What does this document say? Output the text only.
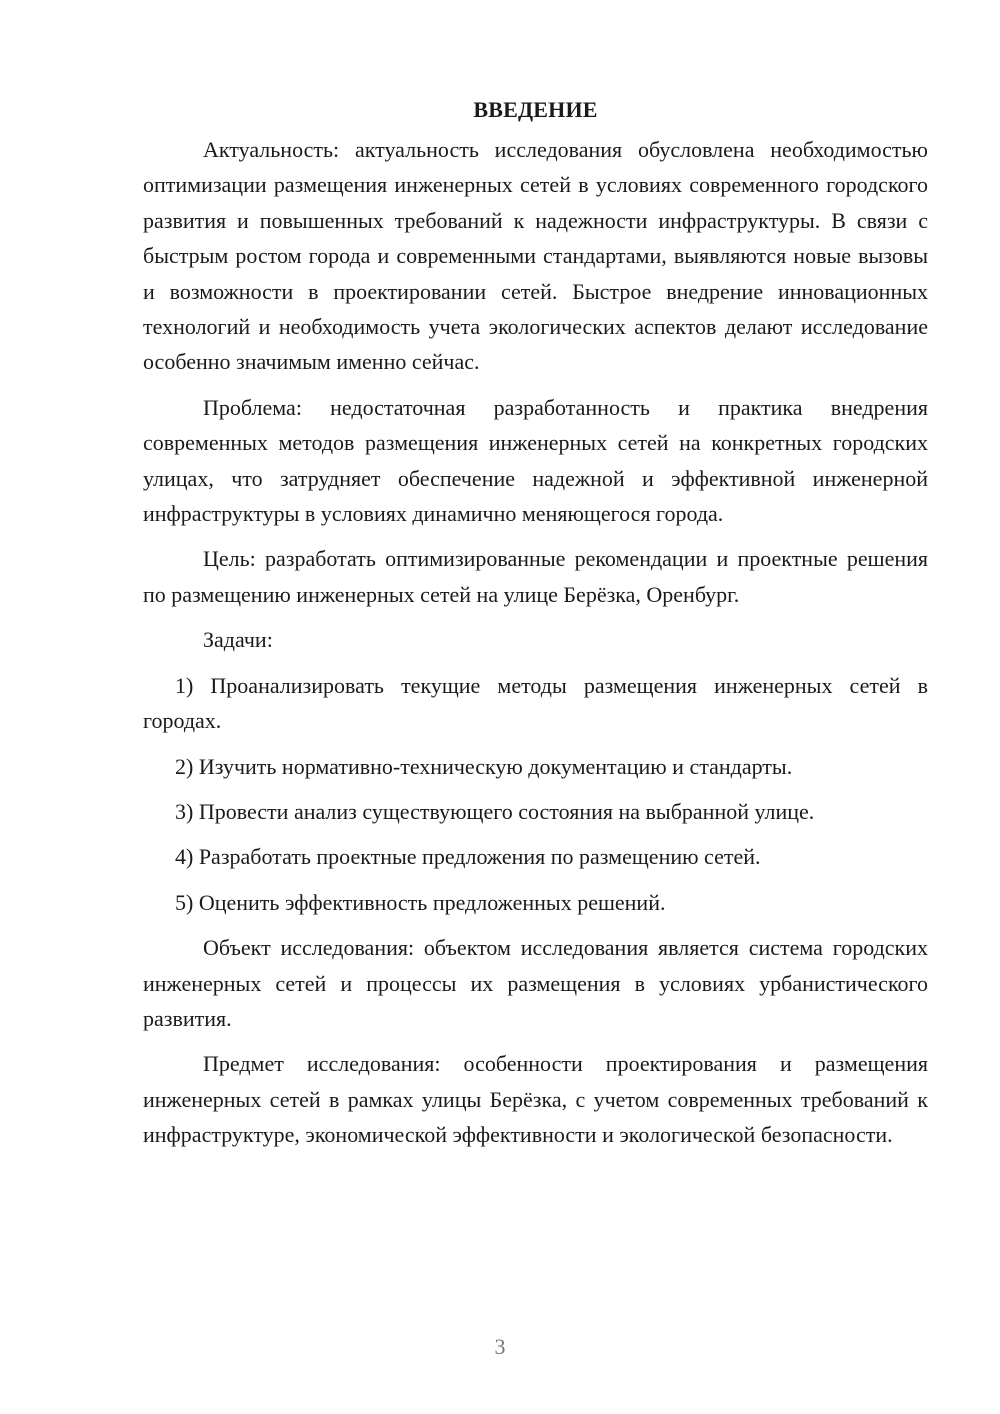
ВВЕДЕНИЕ

Актуальность: актуальность исследования обусловлена необходимостью оптимизации размещения инженерных сетей в условиях современного городского развития и повышенных требований к надежности инфраструктуры. В связи с быстрым ростом города и современными стандартами, выявляются новые вызовы и возможности в проектировании сетей. Быстрое внедрение инновационных технологий и необходимость учета экологических аспектов делают исследование особенно значимым именно сейчас.

Проблема: недостаточная разработанность и практика внедрения современных методов размещения инженерных сетей на конкретных городских улицах, что затрудняет обеспечение надежной и эффективной инженерной инфраструктуры в условиях динамично меняющегося города.

Цель: разработать оптимизированные рекомендации и проектные решения по размещению инженерных сетей на улице Берёзка, Оренбург.

Задачи:

1) Проанализировать текущие методы размещения инженерных сетей в городах.

2) Изучить нормативно-техническую документацию и стандарты.

3) Провести анализ существующего состояния на выбранной улице.

4) Разработать проектные предложения по размещению сетей.

5) Оценить эффективность предложенных решений.

Объект исследования: объектом исследования является система городских инженерных сетей и процессы их размещения в условиях урбанистического развития.

Предмет исследования: особенности проектирования и размещения инженерных сетей в рамках улицы Берёзка, с учетом современных требований к инфраструктуре, экономической эффективности и экологической безопасности.

3
